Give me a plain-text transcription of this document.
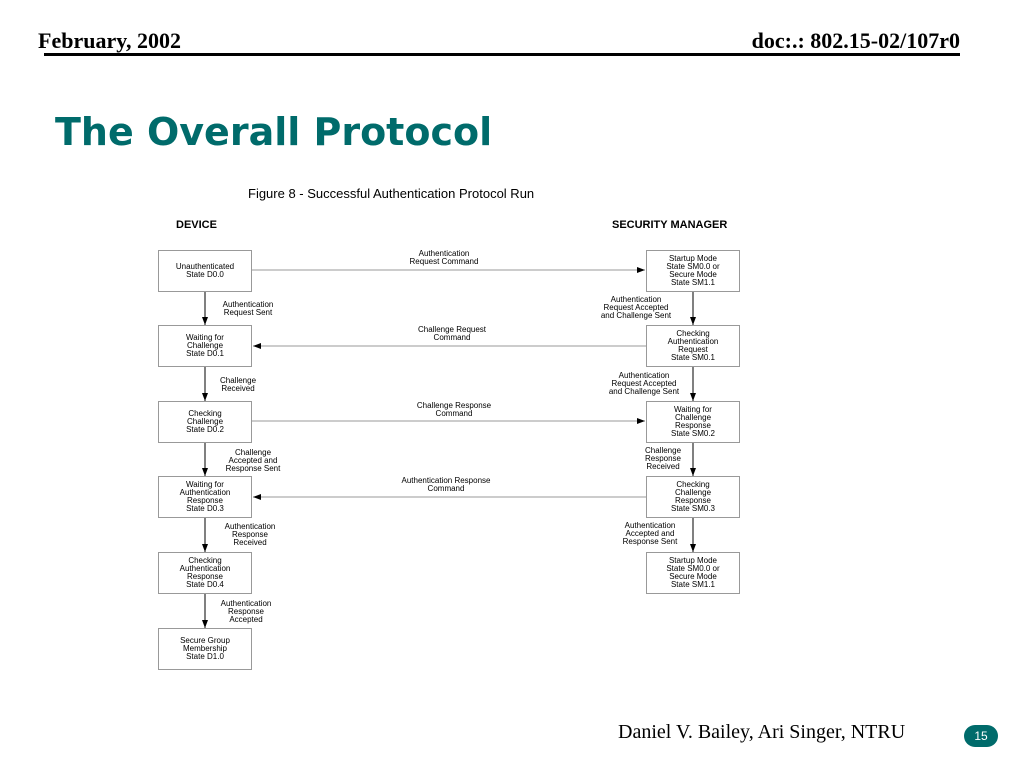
February, 2002	doc:.: 802.15-02/107r0
The Overall Protocol
Figure 8 - Successful Authentication Protocol Run
DEVICE	SECURITY MANAGER
Unauthenticated
State D0.0
Waiting for
Challenge
State D0.1
Checking
Challenge
State D0.2
Waiting for
Authentication
Response
State D0.3
Checking
Authentication
Response
State D0.4
Secure Group
Membership
State D1.0
Startup Mode
State SM0.0 or
Secure Mode
State SM1.1
Checking
Authentication
Request
State SM0.1
Waiting for
Challenge
Response
State SM0.2
Checking
Challenge
Response
State SM0.3
Startup Mode
State SM0.0 or
Secure Mode
State SM1.1
Authentication
Request Sent
Challenge
Received
Challenge
Accepted and
Response Sent
Authentication
Response
Received
Authentication
Response
Accepted
Authentication
Request Accepted
and Challenge Sent
Authentication
Request Accepted
and Challenge Sent
Challenge
Response
Received
Authentication
Accepted and
Response Sent
Authentication
Request Command
Challenge Request
Command
Challenge Response
Command
Authentication Response
Command
Daniel V. Bailey, Ari Singer, NTRU	15
